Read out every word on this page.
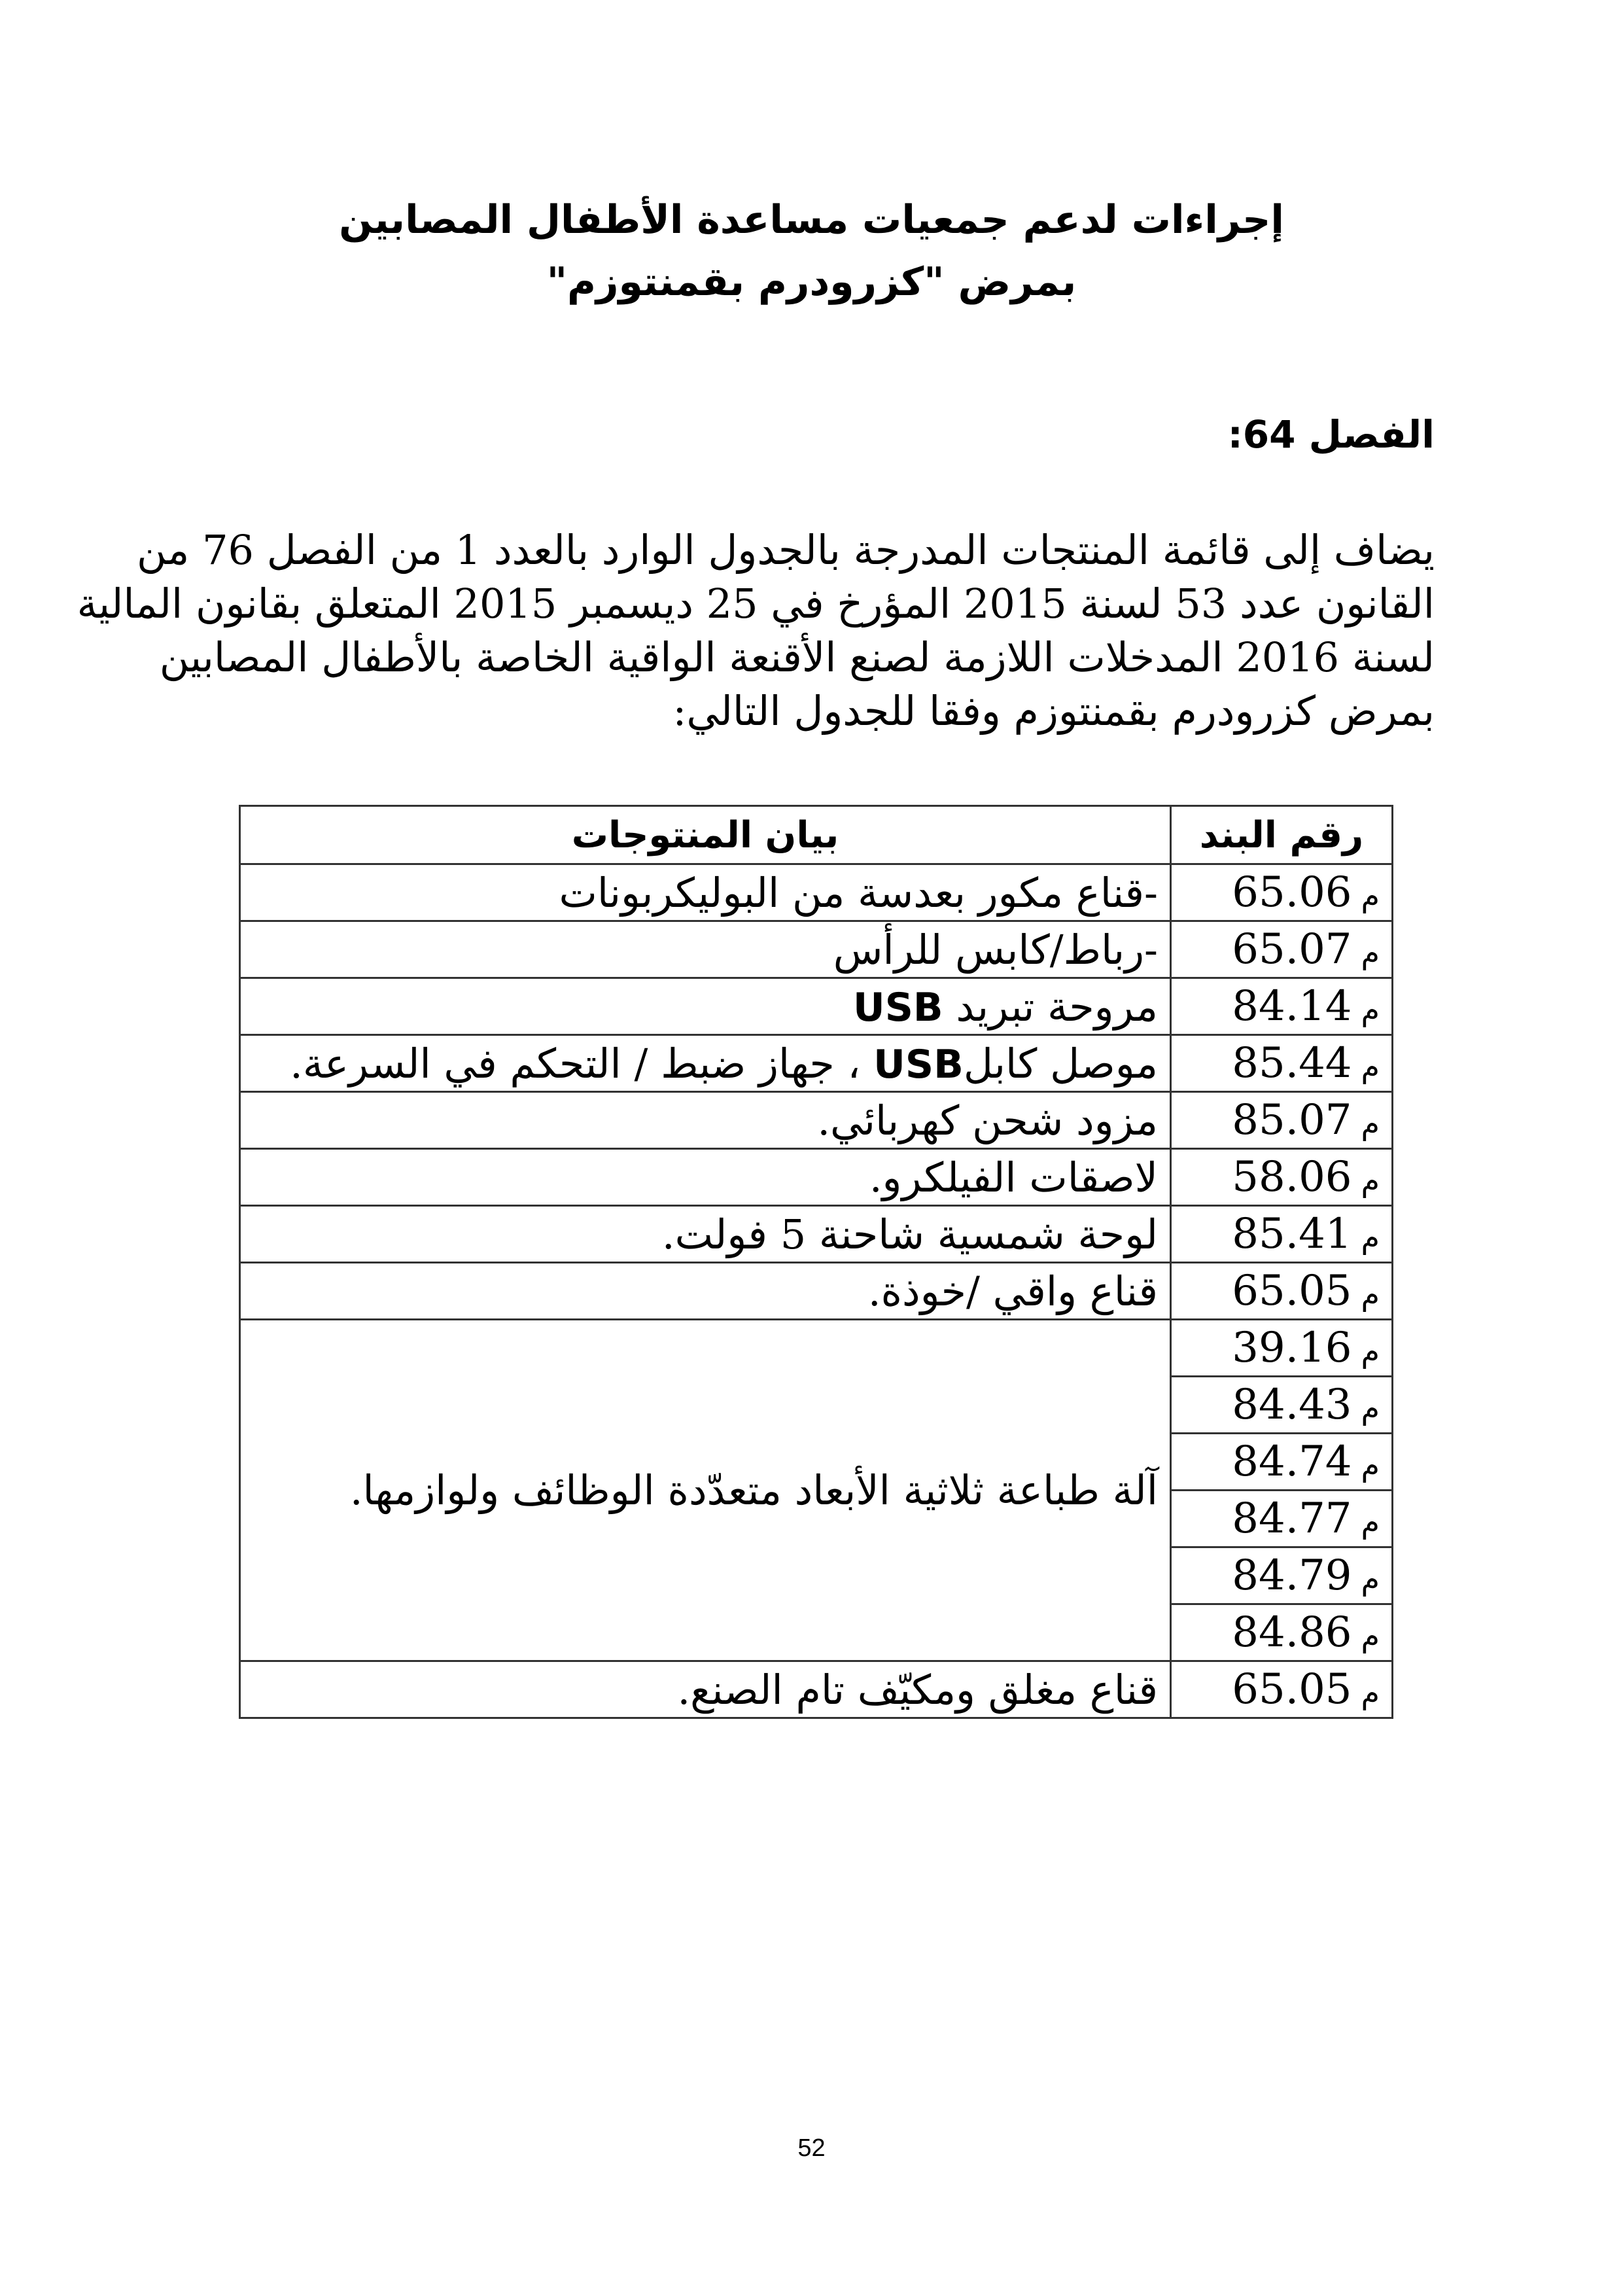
إجراءات لدعم جمعيات مساعدة الأطفال المصابين
بمرض "كزرودرم بقمنتوزم"
الفصل 64:
يضاف إلى قائمة المنتجات المدرجة بالجدول الوارد بالعدد 1 من الفصل 76 من
القانون عدد 53 لسنة 2015 المؤرخ في 25 ديسمبر 2015 المتعلق بقانون المالية
لسنة 2016 المدخلات اللازمة لصنع الأقنعة الواقية الخاصة بالأطفال المصابين
بمرض كزرودرم بقمنتوزم وفقا للجدول التالي:
رقم البند	بيان المنتوجات
م65.06	-قناع مكور بعدسة من البوليكربونات
م65.07	-رباط/كابس للرأس
م84.14	مروحة تبريد USB
م85.44	موصل كابلUSB ، جهاز ضبط / التحكم في السرعة.
م85.07	مزود شحن كهربائي.
م58.06	لاصقات الفيلكرو.
م85.41	لوحة شمسية شاحنة 5 فولت.
م65.05	قناع واقي /خوذة.
م39.16	آلة طباعة ثلاثية الأبعاد متعدّدة الوظائف ولوازمها.
م84.43	
م84.74	
م84.77	
م84.79	
م84.86	
م65.05	قناع مغلق ومكيّف تام الصنع.
52
